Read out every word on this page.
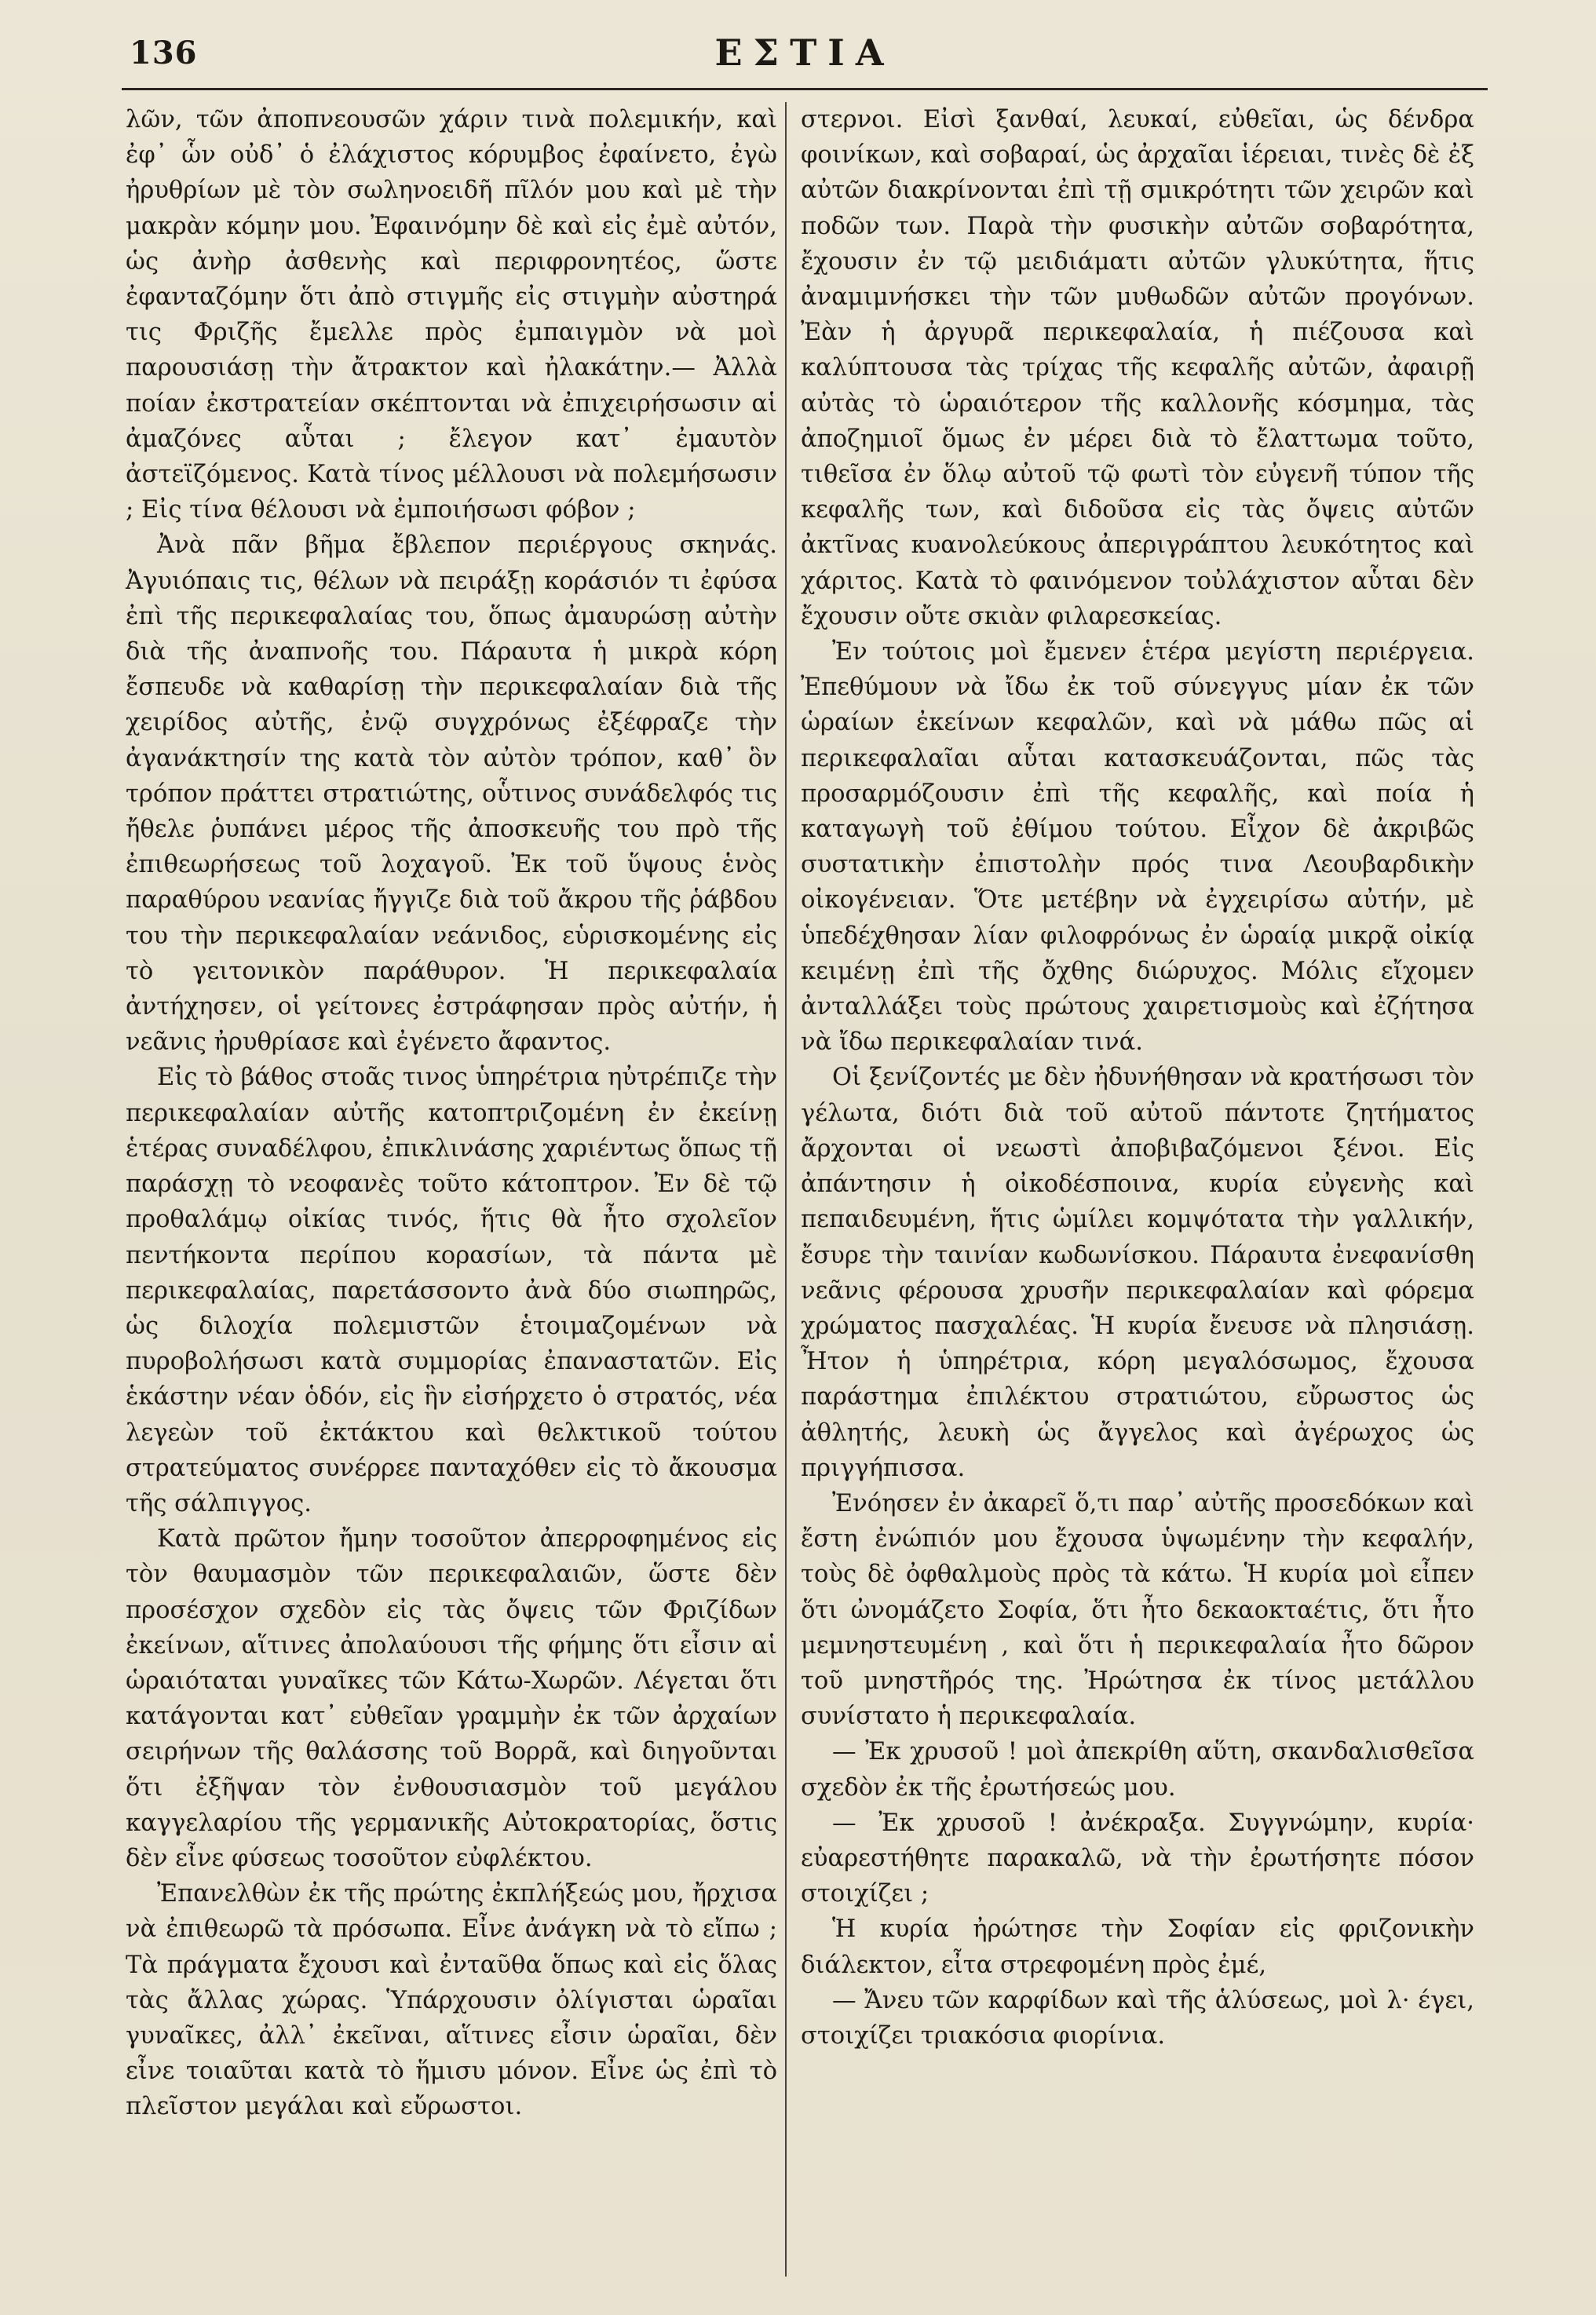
136	ΕΣΤΙΑ

λῶν, τῶν ἀποπνεουσῶν χάριν τινὰ πολεμικήν, καὶ ἐφ᾽ ὧν οὐδ᾽ ὁ ἐλάχιστος κόρυμβος ἐφαίνετο, ἐγὼ ἠρυθρίων μὲ τὸν σωληνοειδῆ πῖλόν μου καὶ μὲ τὴν μακρὰν κόμην μου. Ἐφαινόμην δὲ καὶ εἰς ἐμὲ αὐτόν, ὡς ἀνὴρ ἀσθενὴς καὶ περιφρονητέος, ὥστε ἐφανταζόμην ὅτι ἀπὸ στιγμῆς εἰς στιγμὴν αὐστηρά τις Φριζῆς ἔμελλε πρὸς ἐμπαιγμὸν νὰ μοὶ παρουσιάσῃ τὴν ἄτρακτον καὶ ἠλακάτην.— Ἀλλὰ ποίαν ἐκστρατείαν σκέπτονται νὰ ἐπιχειρήσωσιν αἱ ἀμαζόνες αὗται ; ἔλεγον κατ᾽ ἐμαυτὸν ἀστεϊζόμενος. Κατὰ τίνος μέλλουσι νὰ πολεμήσωσιν ; Εἰς τίνα θέλουσι νὰ ἐμποιήσωσι φόβον ;

Ἀνὰ πᾶν βῆμα ἔβλεπον περιέργους σκηνάς. Ἀγυιόπαις τις, θέλων νὰ πειράξῃ κοράσιόν τι ἐφύσα ἐπὶ τῆς περικεφαλαίας του, ὅπως ἀμαυρώσῃ αὐτὴν διὰ τῆς ἀναπνοῆς του. Πάραυτα ἡ μικρὰ κόρη ἔσπευδε νὰ καθαρίσῃ τὴν περικεφαλαίαν διὰ τῆς χειρίδος αὐτῆς, ἐνῷ συγχρόνως ἐξέφραζε τὴν ἀγανάκτησίν της κατὰ τὸν αὐτὸν τρόπον, καθ᾽ ὃν τρόπον πράττει στρατιώτης, οὗτινος συνάδελφός τις ἤθελε ῥυπάνει μέρος τῆς ἀποσκευῆς του πρὸ τῆς ἐπιθεωρήσεως τοῦ λοχαγοῦ. Ἐκ τοῦ ὕψους ἑνὸς παραθύρου νεανίας ἤγγιζε διὰ τοῦ ἄκρου τῆς ῥάβδου του τὴν περικεφαλαίαν νεάνιδος, εὑρισκομένης εἰς τὸ γειτονικὸν παράθυρον. Ἡ περικεφαλαία ἀντήχησεν, οἱ γείτονες ἐστράφησαν πρὸς αὐτήν, ἡ νεᾶνις ἠρυθρίασε καὶ ἐγένετο ἄφαντος.

Εἰς τὸ βάθος στοᾶς τινος ὑπηρέτρια ηὐτρέπιζε τὴν περικεφαλαίαν αὐτῆς κατοπτριζομένη ἐν ἐκείνῃ ἑτέρας συναδέλφου, ἐπικλινάσης χαριέντως ὅπως τῇ παράσχῃ τὸ νεοφανὲς τοῦτο κάτοπτρον. Ἐν δὲ τῷ προθαλάμῳ οἰκίας τινός, ἥτις θὰ ἦτο σχολεῖον πεντήκοντα περίπου κορασίων, τὰ πάντα μὲ περικεφαλαίας, παρετάσσοντο ἀνὰ δύο σιωπηρῶς, ὡς διλοχία πολεμιστῶν ἑτοιμαζομένων νὰ πυροβολήσωσι κατὰ συμμορίας ἐπαναστατῶν. Εἰς ἑκάστην νέαν ὁδόν, εἰς ἣν εἰσήρχετο ὁ στρατός, νέα λεγεὼν τοῦ ἐκτάκτου καὶ θελκτικοῦ τούτου στρατεύματος συνέρρεε πανταχόθεν εἰς τὸ ἄκουσμα τῆς σάλπιγγος.

Κατὰ πρῶτον ἤμην τοσοῦτον ἀπερροφημένος εἰς τὸν θαυμασμὸν τῶν περικεφαλαιῶν, ὥστε δὲν προσέσχον σχεδὸν εἰς τὰς ὄψεις τῶν Φριζίδων ἐκείνων, αἵτινες ἀπολαύουσι τῆς φήμης ὅτι εἶσιν αἱ ὡραιόταται γυναῖκες τῶν Κάτω-Χωρῶν. Λέγεται ὅτι κατάγονται κατ᾽ εὐθεῖαν γραμμὴν ἐκ τῶν ἀρχαίων σειρήνων τῆς θαλάσσης τοῦ Βορρᾶ, καὶ διηγοῦνται ὅτι ἐξῆψαν τὸν ἐνθουσιασμὸν τοῦ μεγάλου καγγελαρίου τῆς γερμανικῆς Αὐτοκρατορίας, ὅστις δὲν εἶνε φύσεως τοσοῦτον εὐφλέκτου.

Ἐπανελθὼν ἐκ τῆς πρώτης ἐκπλήξεώς μου, ἤρχισα νὰ ἐπιθεωρῶ τὰ πρόσωπα. Εἶνε ἀνάγκη νὰ τὸ εἴπω ; Τὰ πράγματα ἔχουσι καὶ ἐνταῦθα ὅπως καὶ εἰς ὅλας τὰς ἄλλας χώρας. Ὑπάρχουσιν ὀλίγισται ὡραῖαι γυναῖκες, ἀλλ᾽ ἐκεῖναι, αἵτινες εἶσιν ὡραῖαι, δὲν εἶνε τοιαῦται κατὰ τὸ ἥμισυ μόνον. Εἶνε ὡς ἐπὶ τὸ πλεῖστον μεγάλαι καὶ εὔρωστοι.

στερνοι. Εἰσὶ ξανθαί, λευκαί, εὐθεῖαι, ὡς δένδρα φοινίκων, καὶ σοβαραί, ὡς ἀρχαῖαι ἱέρειαι, τινὲς δὲ ἐξ αὐτῶν διακρίνονται ἐπὶ τῇ σμικρότητι τῶν χειρῶν καὶ ποδῶν των. Παρὰ τὴν φυσικὴν αὐτῶν σοβαρότητα, ἔχουσιν ἐν τῷ μειδιάματι αὐτῶν γλυκύτητα, ἥτις ἀναμιμνήσκει τὴν τῶν μυθωδῶν αὐτῶν προγόνων. Ἐὰν ἡ ἀργυρᾶ περικεφαλαία, ἡ πιέζουσα καὶ καλύπτουσα τὰς τρίχας τῆς κεφαλῆς αὐτῶν, ἀφαιρῇ αὐτὰς τὸ ὡραιότερον τῆς καλλονῆς κόσμημα, τὰς ἀποζημιοῖ ὅμως ἐν μέρει διὰ τὸ ἔλαττωμα τοῦτο, τιθεῖσα ἐν ὅλῳ αὐτοῦ τῷ φωτὶ τὸν εὐγενῆ τύπον τῆς κεφαλῆς των, καὶ διδοῦσα εἰς τὰς ὄψεις αὐτῶν ἀκτῖνας κυανολεύκους ἀπεριγράπτου λευκότητος καὶ χάριτος. Κατὰ τὸ φαινόμενον τοὐλάχιστον αὗται δὲν ἔχουσιν οὔτε σκιὰν φιλαρεσκείας.

Ἐν τούτοις μοὶ ἔμενεν ἑτέρα μεγίστη περιέργεια. Ἐπεθύμουν νὰ ἴδω ἐκ τοῦ σύνεγγυς μίαν ἐκ τῶν ὡραίων ἐκείνων κεφαλῶν, καὶ νὰ μάθω πῶς αἱ περικεφαλαῖαι αὗται κατασκευάζονται, πῶς τὰς προσαρμόζουσιν ἐπὶ τῆς κεφαλῆς, καὶ ποία ἡ καταγωγὴ τοῦ ἐθίμου τούτου. Εἶχον δὲ ἀκριβῶς συστατικὴν ἐπιστολὴν πρός τινα Λεουβαρδικὴν οἰκογένειαν. Ὅτε μετέβην νὰ ἐγχειρίσω αὐτήν, μὲ ὑπεδέχθησαν λίαν φιλοφρόνως ἐν ὡραίᾳ μικρᾷ οἰκίᾳ κειμένῃ ἐπὶ τῆς ὄχθης διώρυχος. Μόλις εἴχομεν ἀνταλλάξει τοὺς πρώτους χαιρετισμοὺς καὶ ἐζήτησα νὰ ἴδω περικεφαλαίαν τινά.

Οἱ ξενίζοντές με δὲν ἠδυνήθησαν νὰ κρατήσωσι τὸν γέλωτα, διότι διὰ τοῦ αὐτοῦ πάντοτε ζητήματος ἄρχονται οἱ νεωστὶ ἀποβιβαζόμενοι ξένοι. Εἰς ἀπάντησιν ἡ οἰκοδέσποινα, κυρία εὐγενὴς καὶ πεπαιδευμένη, ἥτις ὡμίλει κομψότατα τὴν γαλλικήν, ἔσυρε τὴν ταινίαν κωδωνίσκου. Πάραυτα ἐνεφανίσθη νεᾶνις φέρουσα χρυσῆν περικεφαλαίαν καὶ φόρεμα χρώματος πασχαλέας. Ἡ κυρία ἔνευσε νὰ πλησιάσῃ. Ἦτον ἡ ὑπηρέτρια, κόρη μεγαλόσωμος, ἔχουσα παράστημα ἐπιλέκτου στρατιώτου, εὔρωστος ὡς ἀθλητής, λευκὴ ὡς ἄγγελος καὶ ἀγέρωχος ὡς πριγγήπισσα.

Ἐνόησεν ἐν ἀκαρεῖ ὅ,τι παρ᾽ αὐτῆς προσεδόκων καὶ ἔστη ἐνώπιόν μου ἔχουσα ὑψωμένην τὴν κεφαλήν, τοὺς δὲ ὀφθαλμοὺς πρὸς τὰ κάτω. Ἡ κυρία μοὶ εἶπεν ὅτι ὠνομάζετο Σοφία, ὅτι ἦτο δεκαοκταέτις, ὅτι ἦτο μεμνηστευμένη , καὶ ὅτι ἡ περικεφαλαία ἦτο δῶρον τοῦ μνηστῆρός της. Ἠρώτησα ἐκ τίνος μετάλλου συνίστατο ἡ περικεφαλαία.

— Ἐκ χρυσοῦ ! μοὶ ἀπεκρίθη αὕτη, σκανδαλισθεῖσα σχεδὸν ἐκ τῆς ἐρωτήσεώς μου.

— Ἐκ χρυσοῦ ! ἀνέκραξα. Συγγνώμην, κυρία· εὐαρεστήθητε παρακαλῶ, νὰ τὴν ἐρωτήσητε πόσον στοιχίζει ;

Ἡ κυρία ἠρώτησε τὴν Σοφίαν εἰς φριζονικὴν διάλεκτον, εἶτα στρεφομένη πρὸς ἐμέ,

— Ἄνευ τῶν καρφίδων καὶ τῆς ἁλύσεως, μοὶ λ· έγει, στοιχίζει τριακόσια φιορίνια.
